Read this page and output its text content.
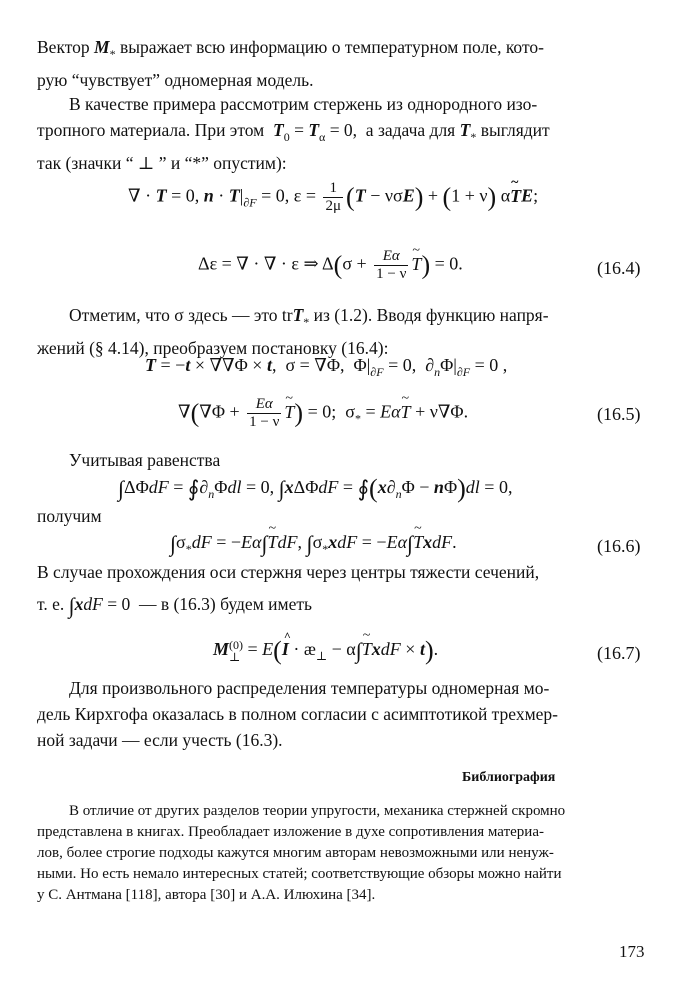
Вектор $M_*$ выражает всю информацию о температурном поле, кото-
рую “чувствует” одномерная модель.
В качестве примера рассмотрим стержень из однородного изо-
тропного материала. При этом  $T_0 = T_\alpha = 0$,  а задача для $T_*$ выглядит
так (значки “ ⊥ ” и “*” опустим):
∇ · T = 0, $n \cdot T|_{\partial F} = 0$, $\varepsilon = \frac{1}{2\mu} (T - \nu\sigma E) + (1 + \nu)$ α~ TE;
Δε = ∇ · ∇ · ε ⇒ $\Delta(\sigma + \frac{E\alpha}{1 - \nu}$ ~ T) = 0.	(16.4)
Отметим, что σ здесь — это trT$_*$ из (1.2). Вводя функцию напря-
жений (§ 4.14), преобразуем постановку (16.4):
T = −t × ∇∇Φ × t,  σ = ∇Φ,  $\Phi|_{\partial F} = 0$,  $\partial_n\Phi|_{\partial F} = 0$ ,
$\nabla(\nabla\Phi + \frac{E\alpha}{1 - \nu}$ ~ T) = 0;  $\sigma_*$ = Eα~ T + ν∇Φ.	(16.5)
Учитывая равенства
$\int\Delta\Phi dF = ∮\partial_n\Phi dl = 0$, $\int x\Delta\Phi dF = ∮(x\partial_n\Phi - n\Phi)dl = 0$,
получим
$\int\sigma_*dF$ = −Eα∫~ TdF, $\int\sigma_*xdF$ = −Eα∫~ TxdF.	(16.6)
В случае прохождения оси стержня через центры тяжести сечений,
т. е. ∫xdF = 0  — в (16.3) будем иметь
M (0)
⊥ = E(^ $I \cdot æ_\perp$ − α∫~ TxdF × t).	(16.7)
Для произвольного распределения температуры одномерная мо-
дель Кирхгофа оказалась в полном согласии с асимптотикой трехмер-
ной задачи — если учесть (16.3).
Библиография
В отличие от других разделов теории упругости, механика стержней скромно
представлена в книгах. Преобладает изложение в духе сопротивления материа-
лов, более строгие подходы кажутся многим авторам невозможными или ненуж-
ными. Но есть немало интересных статей; соответствующие обзоры можно найти
у С. Антмана [118], автора [30] и А.А. Илюхина [34].
173
